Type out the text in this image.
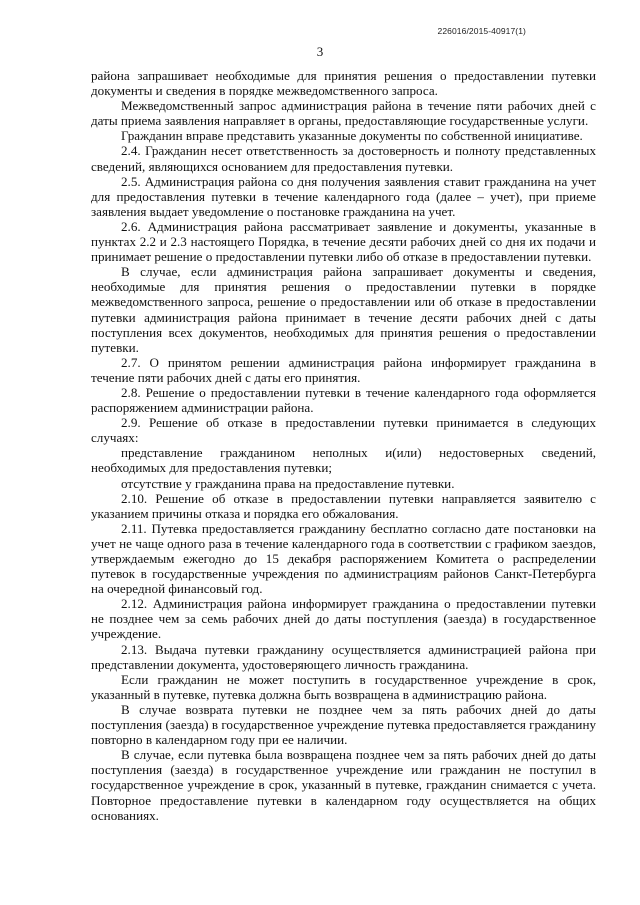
226016/2015-40917(1)
3

района запрашивает необходимые для принятия решения о предоставлении путевки документы и сведения в порядке межведомственного запроса.

Межведомственный запрос администрация района в течение пяти рабочих дней с даты приема заявления направляет в органы, предоставляющие государственные услуги.

Гражданин вправе представить указанные документы по собственной инициативе.

2.4. Гражданин несет ответственность за достоверность и полноту представленных сведений, являющихся основанием для предоставления путевки.

2.5. Администрация района со дня получения заявления ставит гражданина на учет для предоставления путевки в течение календарного года (далее – учет), при приеме заявления выдает уведомление о постановке гражданина на учет.

2.6. Администрация района рассматривает заявление и документы, указанные в пунктах 2.2 и 2.3 настоящего Порядка, в течение десяти рабочих дней со дня их подачи и принимает решение о предоставлении путевки либо об отказе в предоставлении путевки.

В случае, если администрация района запрашивает документы и сведения, необходимые для принятия решения о предоставлении путевки в порядке межведомственного запроса, решение о предоставлении или об отказе в предоставлении путевки администрация района принимает в течение десяти рабочих дней с даты поступления всех документов, необходимых для принятия решения о предоставлении путевки.

2.7. О принятом решении администрация района информирует гражданина в течение пяти рабочих дней с даты его принятия.

2.8. Решение о предоставлении путевки в течение календарного года оформляется распоряжением администрации района.

2.9. Решение об отказе в предоставлении путевки принимается в следующих случаях:

представление гражданином неполных и(или) недостоверных сведений, необходимых для предоставления путевки;

отсутствие у гражданина права на предоставление путевки.

2.10. Решение об отказе в предоставлении путевки направляется заявителю с указанием причины отказа и порядка его обжалования.

2.11. Путевка предоставляется гражданину бесплатно согласно дате постановки на учет не чаще одного раза в течение календарного года в соответствии с графиком заездов, утверждаемым ежегодно до 15 декабря распоряжением Комитета о распределении путевок в государственные учреждения по администрациям районов Санкт-Петербурга на очередной финансовый год.

2.12. Администрация района информирует гражданина о предоставлении путевки не позднее чем за семь рабочих дней до даты поступления (заезда) в государственное учреждение.

2.13. Выдача путевки гражданину осуществляется администрацией района при представлении документа, удостоверяющего личность гражданина.

Если гражданин не может поступить в государственное учреждение в срок, указанный в путевке, путевка должна быть возвращена в администрацию района.

В случае возврата путевки не позднее чем за пять рабочих дней до даты поступления (заезда) в государственное учреждение путевка предоставляется гражданину повторно в календарном году при ее наличии.

В случае, если путевка была возвращена позднее чем за пять рабочих дней до даты поступления (заезда) в государственное учреждение или гражданин не поступил в государственное учреждение в срок, указанный в путевке, гражданин снимается с учета. Повторное предоставление путевки в календарном году осуществляется на общих основаниях.
